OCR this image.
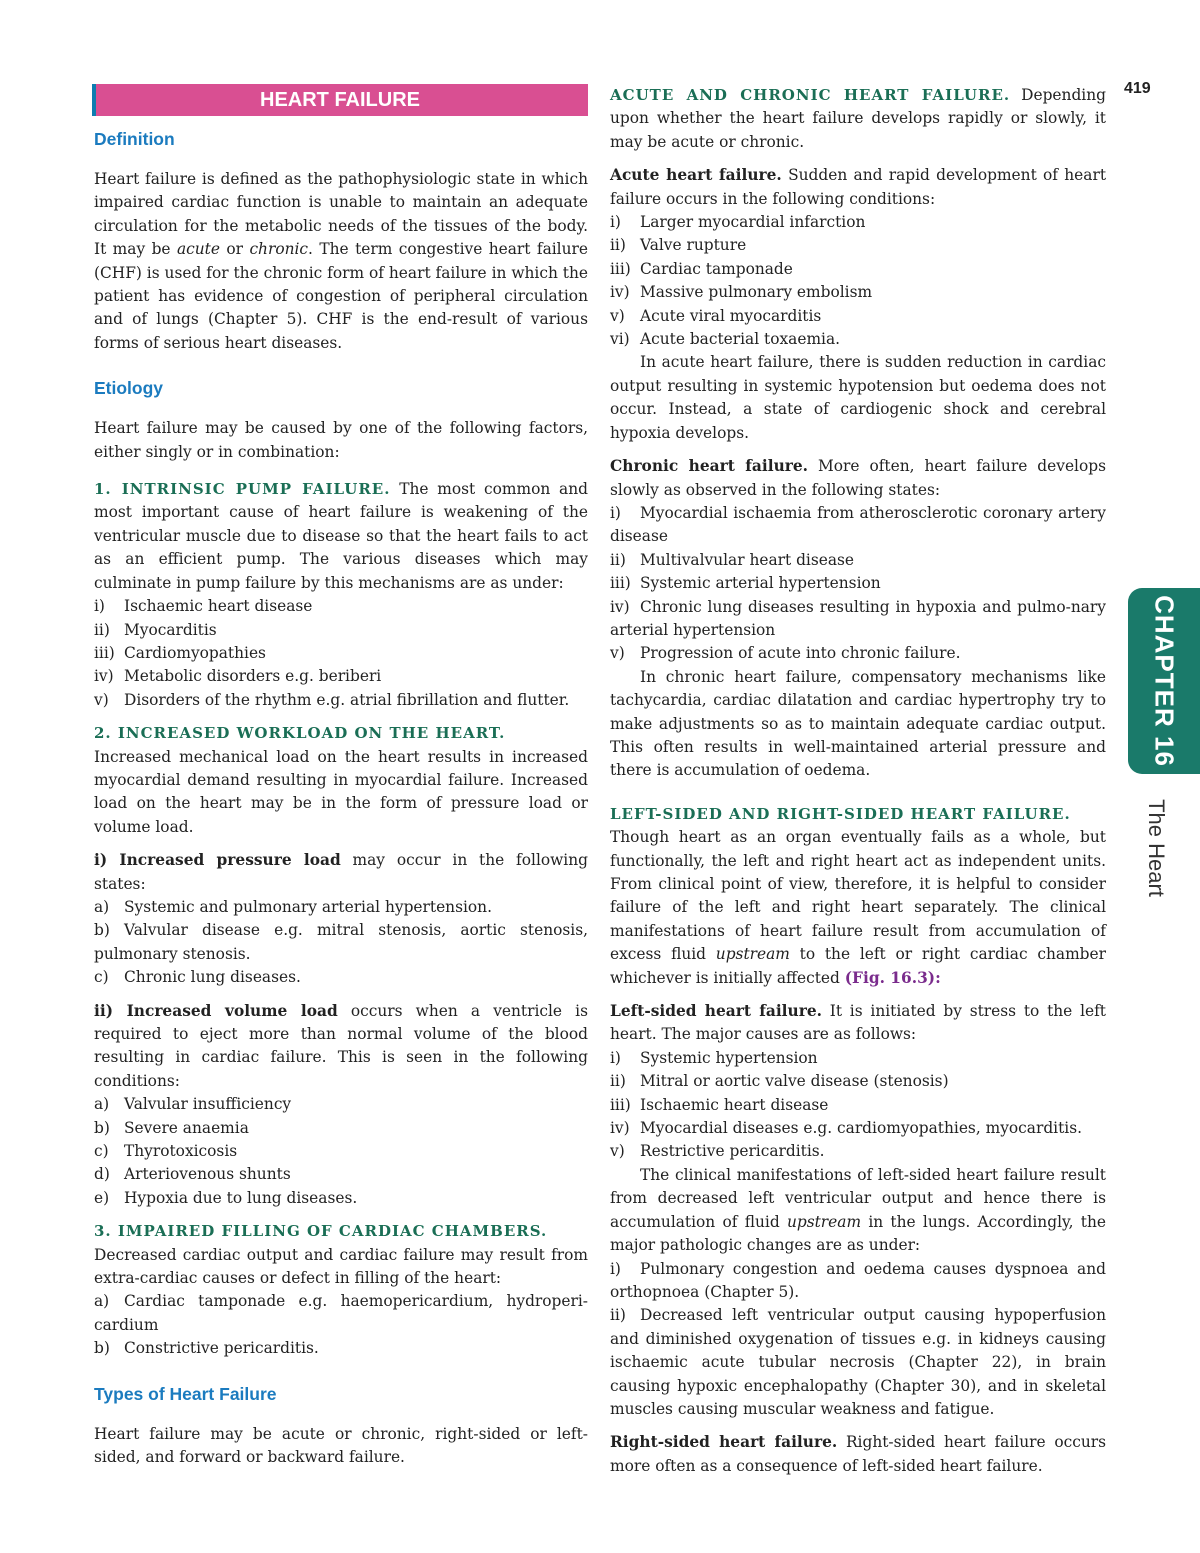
419
CHAPTER 16
The Heart
HEART FAILURE
Definition

Heart failure is defined as the pathophysiologic state in which impaired cardiac function is unable to maintain an adequate circulation for the metabolic needs of the tissues of the body. It may be acute or chronic. The term congestive heart failure (CHF) is used for the chronic form of heart failure in which the patient has evidence of congestion of peripheral circulation and of lungs (Chapter 5). CHF is the end-result of various forms of serious heart diseases.

Etiology

Heart failure may be caused by one of the following factors, either singly or in combination:

1. INTRINSIC PUMP FAILURE. The most common and most important cause of heart failure is weakening of the ventricular muscle due to disease so that the heart fails to act as an efficient pump. The various diseases which may culminate in pump failure by this mechanisms are as under:

i) Ischaemic heart disease

ii) Myocarditis

iii) Cardiomyopathies

iv) Metabolic disorders e.g. beriberi

v) Disorders of the rhythm e.g. atrial fibrillation and flutter.

2. INCREASED WORKLOAD ON THE HEART.

Increased mechanical load on the heart results in increased myocardial demand resulting in myocardial failure. Increased load on the heart may be in the form of pressure load or volume load.

i) Increased pressure load may occur in the following states:

a) Systemic and pulmonary arterial hypertension.

b) Valvular disease e.g. mitral stenosis, aortic stenosis, pulmonary stenosis.

c) Chronic lung diseases.

ii) Increased volume load occurs when a ventricle is required to eject more than normal volume of the blood resulting in cardiac failure. This is seen in the following conditions:

a) Valvular insufficiency

b) Severe anaemia

c) Thyrotoxicosis

d) Arteriovenous shunts

e) Hypoxia due to lung diseases.

3. IMPAIRED FILLING OF CARDIAC CHAMBERS.

Decreased cardiac output and cardiac failure may result from extra-cardiac causes or defect in filling of the heart:

a) Cardiac tamponade e.g. haemopericardium, hydroperi-cardium

b) Constrictive pericarditis.

Types of Heart Failure

Heart failure may be acute or chronic, right-sided or left-sided, and forward or backward failure.

ACUTE AND CHRONIC HEART FAILURE. Depending upon whether the heart failure develops rapidly or slowly, it may be acute or chronic.

Acute heart failure. Sudden and rapid development of heart failure occurs in the following conditions:

i) Larger myocardial infarction

ii) Valve rupture

iii) Cardiac tamponade

iv) Massive pulmonary embolism

v) Acute viral myocarditis

vi) Acute bacterial toxaemia.

In acute heart failure, there is sudden reduction in cardiac output resulting in systemic hypotension but oedema does not occur. Instead, a state of cardiogenic shock and cerebral hypoxia develops.

Chronic heart failure. More often, heart failure develops slowly as observed in the following states:

i) Myocardial ischaemia from atherosclerotic coronary artery disease

ii) Multivalvular heart disease

iii) Systemic arterial hypertension

iv) Chronic lung diseases resulting in hypoxia and pulmo-nary arterial hypertension

v) Progression of acute into chronic failure.

In chronic heart failure, compensatory mechanisms like tachycardia, cardiac dilatation and cardiac hypertrophy try to make adjustments so as to maintain adequate cardiac output. This often results in well-maintained arterial pressure and there is accumulation of oedema.

LEFT-SIDED AND RIGHT-SIDED HEART FAILURE.

Though heart as an organ eventually fails as a whole, but functionally, the left and right heart act as independent units. From clinical point of view, therefore, it is helpful to consider failure of the left and right heart separately. The clinical manifestations of heart failure result from accumulation of excess fluid upstream to the left or right cardiac chamber whichever is initially affected (Fig. 16.3):

Left-sided heart failure. It is initiated by stress to the left heart. The major causes are as follows:

i) Systemic hypertension

ii) Mitral or aortic valve disease (stenosis)

iii) Ischaemic heart disease

iv) Myocardial diseases e.g. cardiomyopathies, myocarditis.

v) Restrictive pericarditis.

The clinical manifestations of left-sided heart failure result from decreased left ventricular output and hence there is accumulation of fluid upstream in the lungs. Accordingly, the major pathologic changes are as under:

i) Pulmonary congestion and oedema causes dyspnoea and orthopnoea (Chapter 5).

ii) Decreased left ventricular output causing hypoperfusion and diminished oxygenation of tissues e.g. in kidneys causing ischaemic acute tubular necrosis (Chapter 22), in brain causing hypoxic encephalopathy (Chapter 30), and in skeletal muscles causing muscular weakness and fatigue.

Right-sided heart failure. Right-sided heart failure occurs more often as a consequence of left-sided heart failure.
